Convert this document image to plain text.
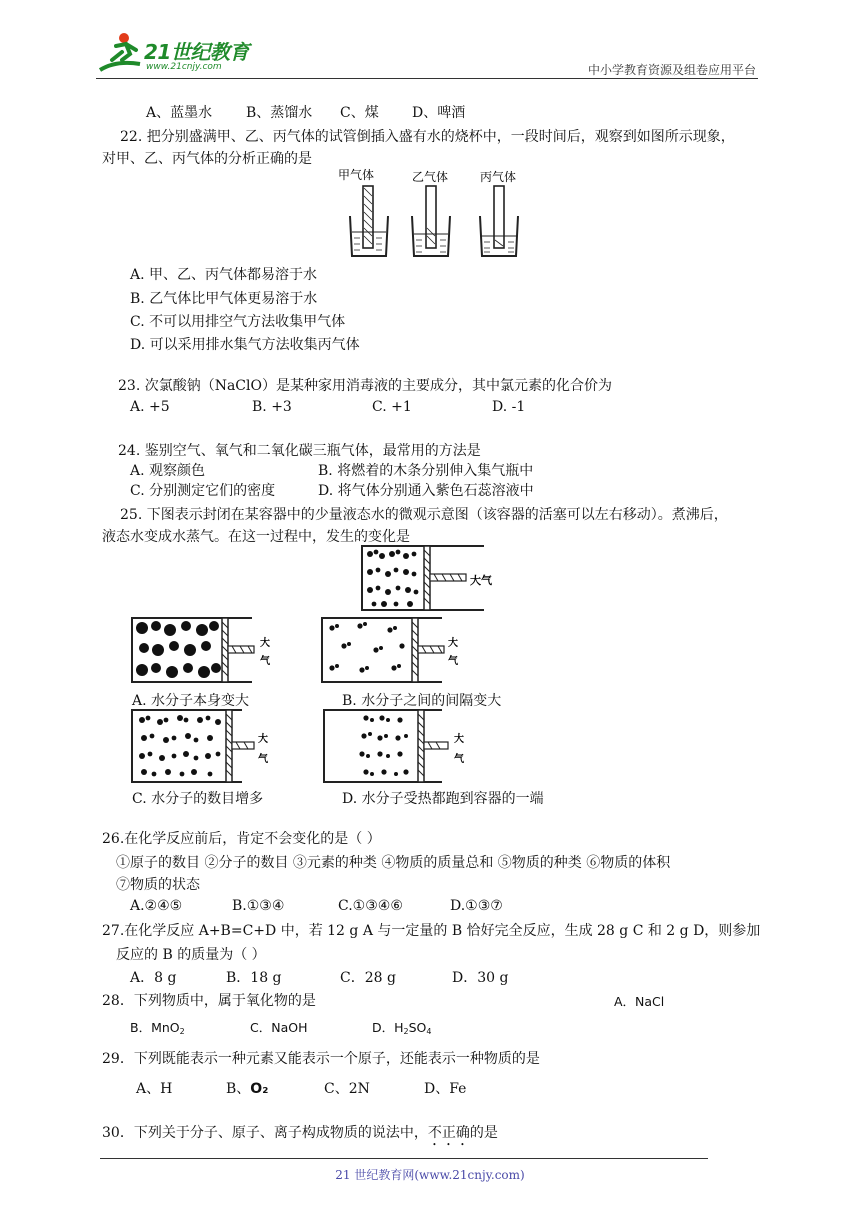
21世纪教育
www.21cnjy.com	中小学教育资源及组卷应用平台
A、蓝墨水 B、蒸馏水 C、煤 D、啤酒
22. 把分别盛满甲、乙、丙气体的试管倒插入盛有水的烧杯中，一段时间后，观察到如图所示现象，
对甲、乙、丙气体的分析正确的是
甲气体	乙气体	丙气体
A. 甲、乙、丙气体都易溶于水
B. 乙气体比甲气体更易溶于水
C. 不可以用排空气方法收集甲气体
D. 可以采用排水集气方法收集丙气体
23. 次氯酸钠（NaClO）是某种家用消毒液的主要成分，其中氯元素的化合价为
A. +5	B. +3	C. +1	D. -1
24. 鉴别空气、氧气和二氧化碳三瓶气体，最常用的方法是
A. 观察颜色	B. 将燃着的木条分别伸入集气瓶中
C. 分别测定它们的密度	D. 将气体分别通入紫色石蕊溶液中
25. 下图表示封闭在某容器中的少量液态水的微观示意图（该容器的活塞可以左右移动）。煮沸后，
液态水变成水蒸气。在这一过程中，发生的变化是
大气
大
气
大
气
A. 水分子本身变大	B. 水分子之间的间隔变大
大
气
大
气
C. 水分子的数目增多	D. 水分子受热都跑到容器的一端
26.在化学反应前后，肯定不会变化的是（ ）
①原子的数目 ②分子的数目 ③元素的种类 ④物质的质量总和 ⑤物质的种类 ⑥物质的体积
⑦物质的状态
A.②④⑤	B.①③④	C.①③④⑥	D.①③⑦
27.在化学反应 A+B=C+D 中，若 12 g A 与一定量的 B 恰好完全反应，生成 28 g C 和 2 g D，则参加
反应的 B 的质量为（ ）
A．8 g	B．18 g	C．28 g	D．30 g
28．下列物质中，属于氧化物的是	A．NaCl
B．MnO$_2$	C．NaOH	D．$H_2SO_4$
29．下列既能表示一种元素又能表示一个原子，还能表示一种物质的是
A、H	B、O₂	C、2N	D、Fe
30．下列关于分子、原子、离子构成物质的说法中，不正确的是
21 世纪教育网(www.21cnjy.com)
